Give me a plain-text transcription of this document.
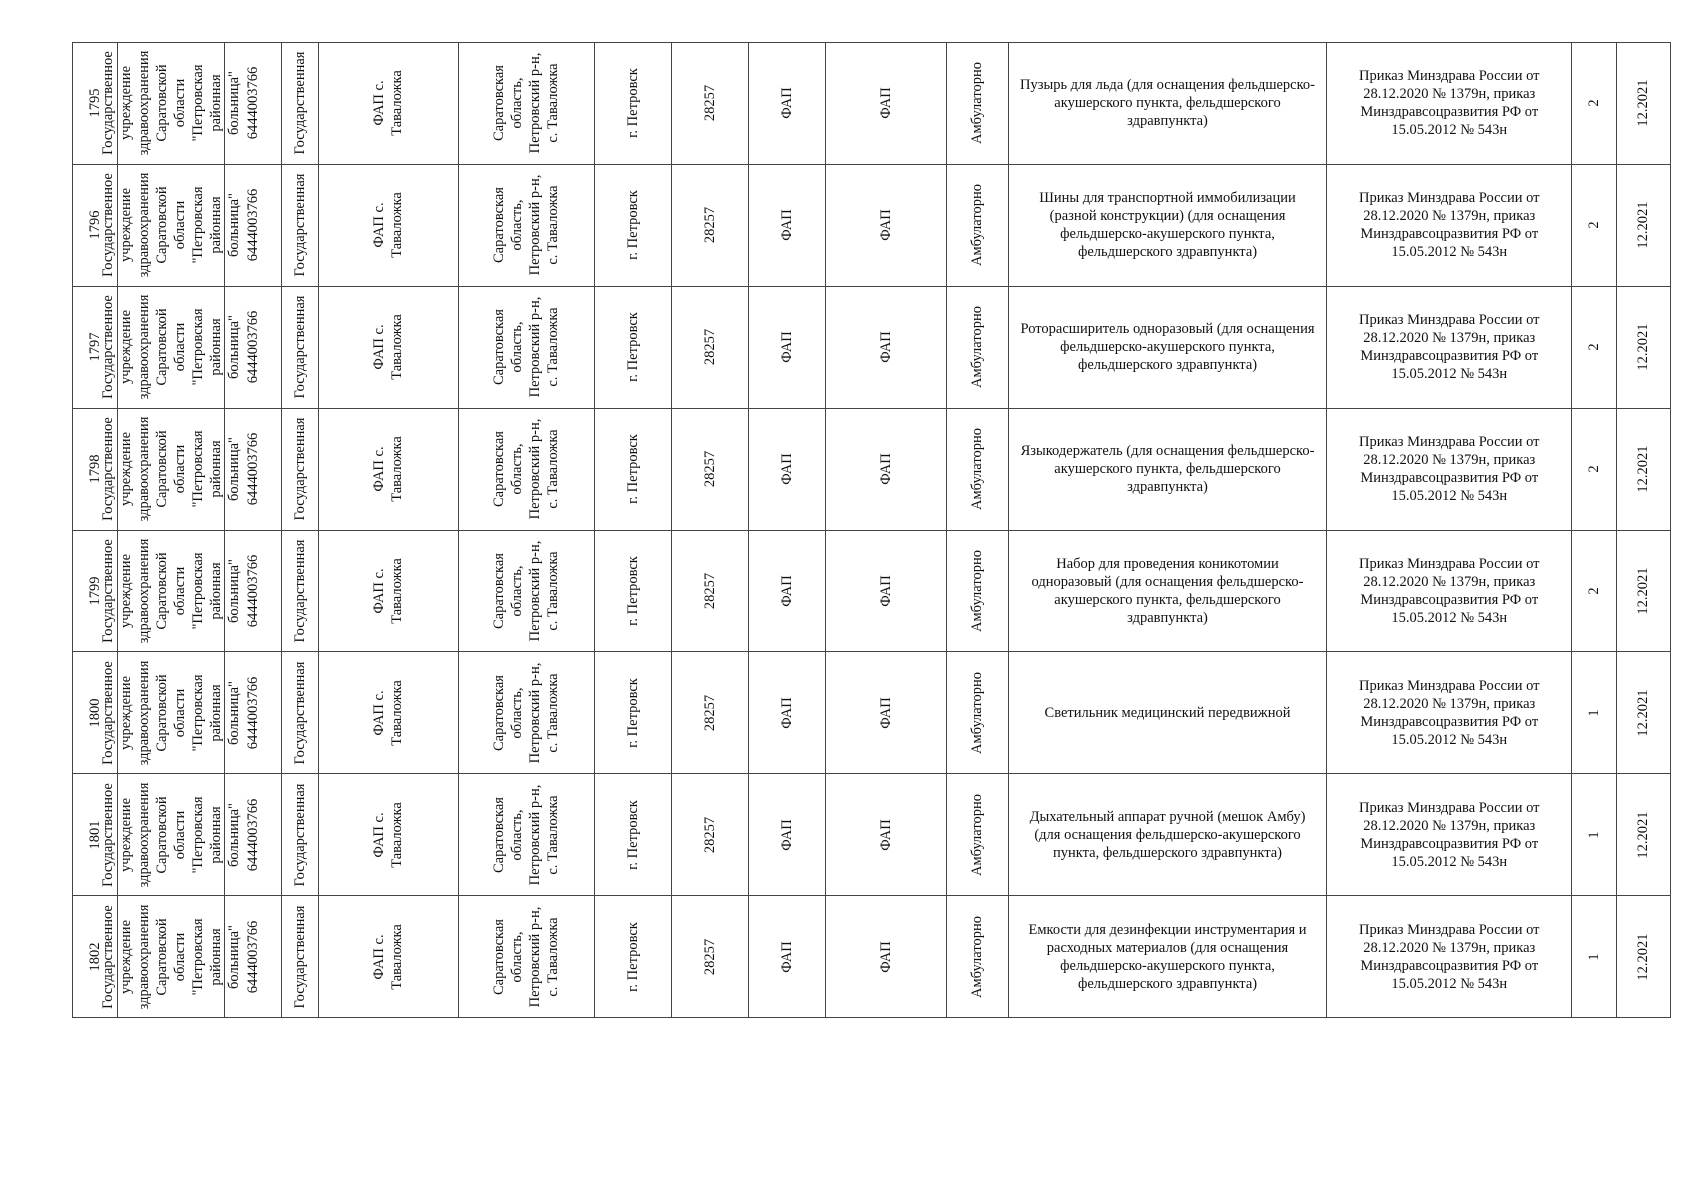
1795	Государственное учреждение здравоохранения Саратовской области "Петровская районная больница"	6444003766	Государственная	ФАП с. Таваложка	Саратовская область, Петровский р-н, с. Таваложка	г. Петровск	28257	ФАП	ФАП	Амбулаторно	Пузырь для льда (для оснащения фельдшерско-акушерского пункта, фельдшерского здравпункта)	Приказ Минздрава России от 28.12.2020 № 1379н, приказ Минздравсоцразвития РФ от 15.05.2012 № 543н	2	12.2021

1796	Государственное учреждение здравоохранения Саратовской области "Петровская районная больница"	6444003766	Государственная	ФАП с. Таваложка	Саратовская область, Петровский р-н, с. Таваложка	г. Петровск	28257	ФАП	ФАП	Амбулаторно	Шины для транспортной иммобилизации (разной конструкции) (для оснащения фельдшерско-акушерского пункта, фельдшерского здравпункта)	Приказ Минздрава России от 28.12.2020 № 1379н, приказ Минздравсоцразвития РФ от 15.05.2012 № 543н	2	12.2021

1797	Государственное учреждение здравоохранения Саратовской области "Петровская районная больница"	6444003766	Государственная	ФАП с. Таваложка	Саратовская область, Петровский р-н, с. Таваложка	г. Петровск	28257	ФАП	ФАП	Амбулаторно	Роторасширитель одноразовый (для оснащения фельдшерско-акушерского пункта, фельдшерского здравпункта)	Приказ Минздрава России от 28.12.2020 № 1379н, приказ Минздравсоцразвития РФ от 15.05.2012 № 543н	2	12.2021

1798	Государственное учреждение здравоохранения Саратовской области "Петровская районная больница"	6444003766	Государственная	ФАП с. Таваложка	Саратовская область, Петровский р-н, с. Таваложка	г. Петровск	28257	ФАП	ФАП	Амбулаторно	Языкодержатель (для оснащения фельдшерско-акушерского пункта, фельдшерского здравпункта)	Приказ Минздрава России от 28.12.2020 № 1379н, приказ Минздравсоцразвития РФ от 15.05.2012 № 543н	2	12.2021

1799	Государственное учреждение здравоохранения Саратовской области "Петровская районная больница"	6444003766	Государственная	ФАП с. Таваложка	Саратовская область, Петровский р-н, с. Таваложка	г. Петровск	28257	ФАП	ФАП	Амбулаторно	Набор для проведения коникотомии одноразовый (для оснащения фельдшерско-акушерского пункта, фельдшерского здравпункта)	Приказ Минздрава России от 28.12.2020 № 1379н, приказ Минздравсоцразвития РФ от 15.05.2012 № 543н	2	12.2021

1800	Государственное учреждение здравоохранения Саратовской области "Петровская районная больница"	6444003766	Государственная	ФАП с. Таваложка	Саратовская область, Петровский р-н, с. Таваложка	г. Петровск	28257	ФАП	ФАП	Амбулаторно	Светильник медицинский передвижной	Приказ Минздрава России от 28.12.2020 № 1379н, приказ Минздравсоцразвития РФ от 15.05.2012 № 543н	1	12.2021

1801	Государственное учреждение здравоохранения Саратовской области "Петровская районная больница"	6444003766	Государственная	ФАП с. Таваложка	Саратовская область, Петровский р-н, с. Таваложка	г. Петровск	28257	ФАП	ФАП	Амбулаторно	Дыхательный аппарат ручной (мешок Амбу) (для оснащения фельдшерско-акушерского пункта, фельдшерского здравпункта)	Приказ Минздрава России от 28.12.2020 № 1379н, приказ Минздравсоцразвития РФ от 15.05.2012 № 543н	1	12.2021

1802	Государственное учреждение здравоохранения Саратовской области "Петровская районная больница"	6444003766	Государственная	ФАП с. Таваложка	Саратовская область, Петровский р-н, с. Таваложка	г. Петровск	28257	ФАП	ФАП	Амбулаторно	Емкости для дезинфекции инструментария и расходных материалов (для оснащения фельдшерско-акушерского пункта, фельдшерского здравпункта)	Приказ Минздрава России от 28.12.2020 № 1379н, приказ Минздравсоцразвития РФ от 15.05.2012 № 543н	1	12.2021
